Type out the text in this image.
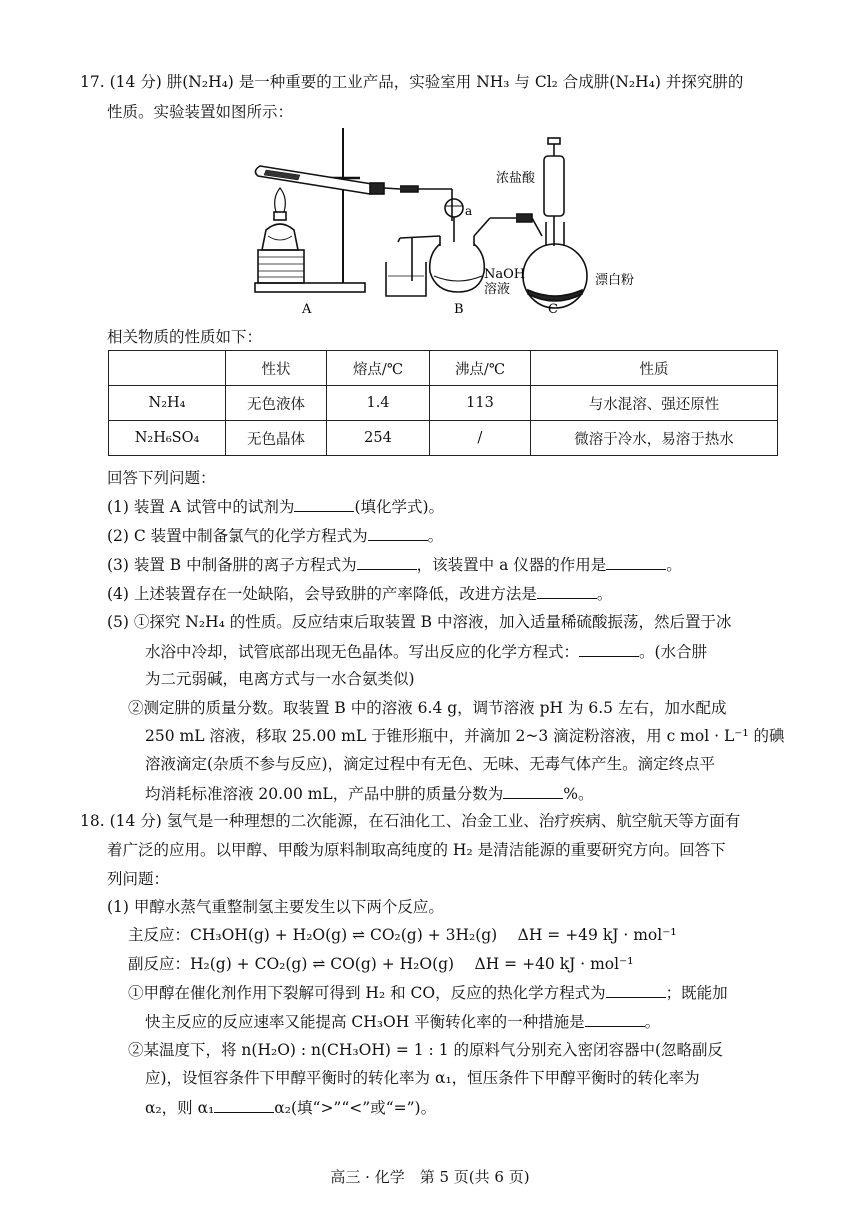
17. (14 分) 肼(N₂H₄) 是一种重要的工业产品，实验室用 NH₃ 与 Cl₂ 合成肼(N₂H₄) 并探究肼的
性质。实验装置如图所示：
a
浓盐酸
NaOH
溶液
漂白粉
A	B	C
相关物质的性质如下：
	性状	熔点/℃	沸点/℃	性质
N₂H₄	无色液体	1.4	113	与水混溶、强还原性
N₂H₆SO₄	无色晶体	254	/	微溶于冷水，易溶于热水
回答下列问题：
(1) 装置 A 试管中的试剂为	(填化学式)。
(2) C 装置中制备氯气的化学方程式为	。
(3) 装置 B 中制备肼的离子方程式为	，该装置中 a 仪器的作用是	。
(4) 上述装置存在一处缺陷，会导致肼的产率降低，改进方法是	。
(5) ①探究 N₂H₄ 的性质。反应结束后取装置 B 中溶液，加入适量稀硫酸振荡，然后置于冰
水浴中冷却，试管底部出现无色晶体。写出反应的化学方程式：	。(水合肼
为二元弱碱，电离方式与一水合氨类似)
②测定肼的质量分数。取装置 B 中的溶液 6.4 g，调节溶液 pH 为 6.5 左右，加水配成
250 mL 溶液，移取 25.00 mL 于锥形瓶中，并滴加 2~3 滴淀粉溶液，用 c mol · L⁻¹ 的碘
溶液滴定(杂质不参与反应)，滴定过程中有无色、无味、无毒气体产生。滴定终点平
均消耗标准溶液 20.00 mL，产品中肼的质量分数为	%。
18. (14 分) 氢气是一种理想的二次能源，在石油化工、冶金工业、治疗疾病、航空航天等方面有
着广泛的应用。以甲醇、甲酸为原料制取高纯度的 H₂ 是清洁能源的重要研究方向。回答下
列问题：
(1) 甲醇水蒸气重整制氢主要发生以下两个反应。
主反应：CH₃OH(g) + H₂O(g) ⇌ CO₂(g) + 3H₂(g)　 ΔH = +49 kJ · mol⁻¹
副反应：H₂(g) + CO₂(g) ⇌ CO(g) + H₂O(g)　 ΔH = +40 kJ · mol⁻¹
①甲醇在催化剂作用下裂解可得到 H₂ 和 CO，反应的热化学方程式为	；既能加
快主反应的反应速率又能提高 CH₃OH 平衡转化率的一种措施是	。
②某温度下，将 n(H₂O) : n(CH₃OH) = 1 : 1 的原料气分别充入密闭容器中(忽略副反
应)，设恒容条件下甲醇平衡时的转化率为 α₁，恒压条件下甲醇平衡时的转化率为
α₂，则 α₁	α₂(填“>”“<”或“=”)。
高三 · 化学　第 5 页(共 6 页)
